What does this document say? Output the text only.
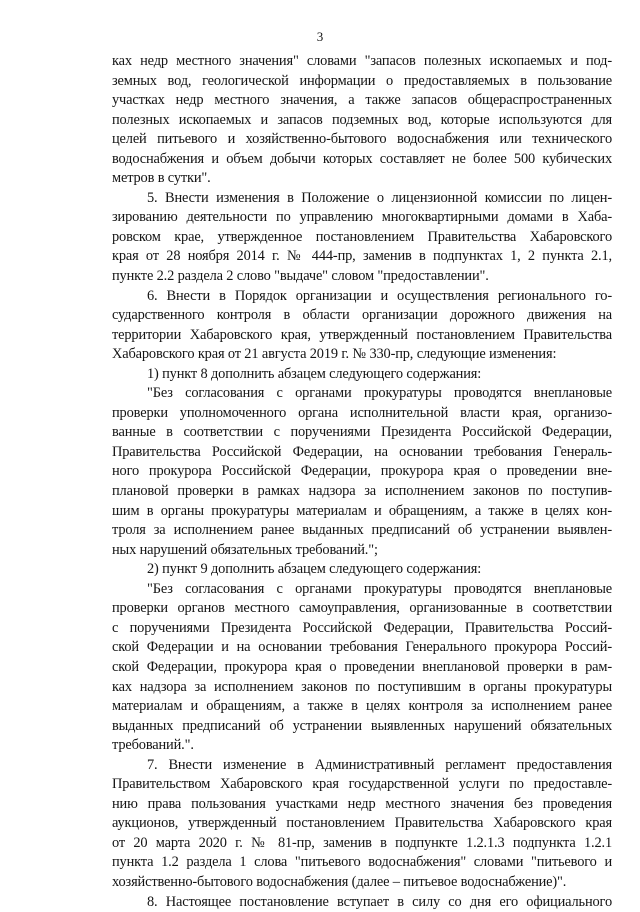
3
ках недр местного значения" словами "запасов полезных ископаемых и под-
земных вод, геологической информации о предоставляемых в пользование
участках недр местного значения, а также запасов общераспространенных
полезных ископаемых и запасов подземных вод, которые используются для
целей питьевого и хозяйственно-бытового водоснабжения или технического
водоснабжения и объем добычи которых составляет не более 500 кубических
метров в сутки".
5. Внести изменения в Положение о лицензионной комиссии по лицен-
зированию деятельности по управлению многоквартирными домами в Хаба-
ровском крае, утвержденное постановлением Правительства Хабаровского
края от 28 ноября 2014 г. № 444-пр, заменив в подпунктах 1, 2 пункта 2.1,
пункте 2.2 раздела 2 слово "выдаче" словом "предоставлении".
6. Внести в Порядок организации и осуществления регионального го-
сударственного контроля в области организации дорожного движения на
территории Хабаровского края, утвержденный постановлением Правительства
Хабаровского края от 21 августа 2019 г. № 330-пр, следующие изменения:
1) пункт 8 дополнить абзацем следующего содержания:
"Без согласования с органами прокуратуры проводятся внеплановые
проверки уполномоченного органа исполнительной власти края, организо-
ванные в соответствии с поручениями Президента Российской Федерации,
Правительства Российской Федерации, на основании требования Генераль-
ного прокурора Российской Федерации, прокурора края о проведении вне-
плановой проверки в рамках надзора за исполнением законов по поступив-
шим в органы прокуратуры материалам и обращениям, а также в целях кон-
троля за исполнением ранее выданных предписаний об устранении выявлен-
ных нарушений обязательных требований.";
2) пункт 9 дополнить абзацем следующего содержания:
"Без согласования с органами прокуратуры проводятся внеплановые
проверки органов местного самоуправления, организованные в соответствии
с поручениями Президента Российской Федерации, Правительства Россий-
ской Федерации и на основании требования Генерального прокурора Россий-
ской Федерации, прокурора края о проведении внеплановой проверки в рам-
ках надзора за исполнением законов по поступившим в органы прокуратуры
материалам и обращениям, а также в целях контроля за исполнением ранее
выданных предписаний об устранении выявленных нарушений обязательных
требований.".
7. Внести изменение в Административный регламент предоставления
Правительством Хабаровского края государственной услуги по предоставле-
нию права пользования участками недр местного значения без проведения
аукционов, утвержденный постановлением Правительства Хабаровского края
от 20 марта 2020 г. № 81-пр, заменив в подпункте 1.2.1.3 подпункта 1.2.1
пункта 1.2 раздела 1 слова "питьевого водоснабжения" словами "питьевого и
хозяйственно-бытового водоснабжения (далее – питьевое водоснабжение)".
8. Настоящее постановление вступает в силу со дня его официального
